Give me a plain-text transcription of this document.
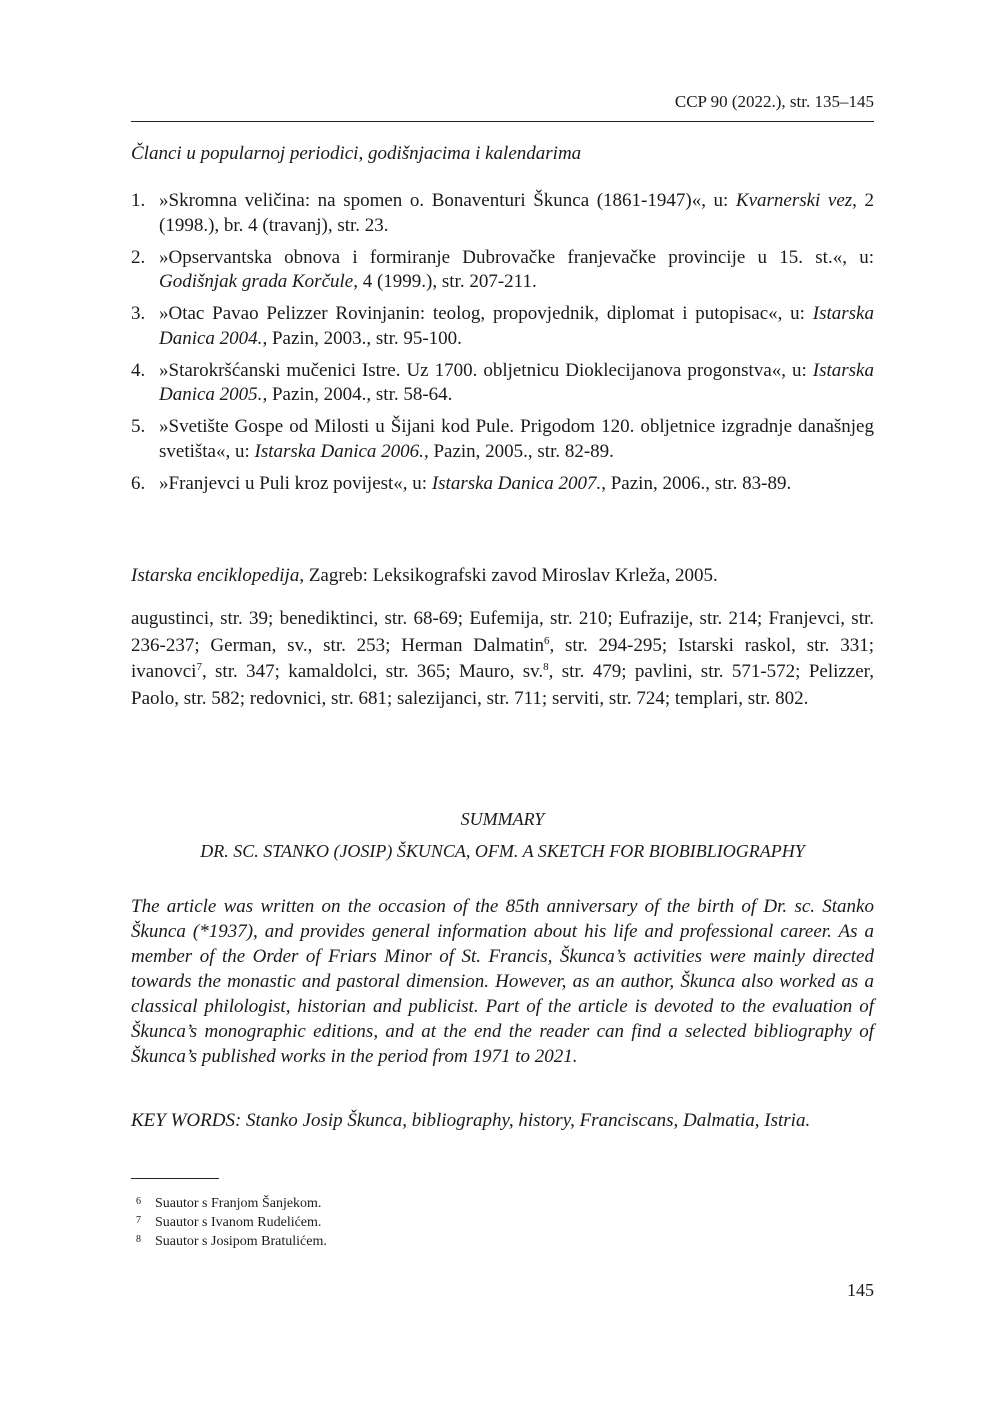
CCP 90 (2022.), str. 135–145
Članci u popularnoj periodici, godišnjacima i kalendarima
1. »Skromna veličina: na spomen o. Bonaventuri Škunca (1861-1947)«, u: Kvarnerski vez, 2 (1998.), br. 4 (travanj), str. 23.
2. »Opservantska obnova i formiranje Dubrovačke franjevačke provincije u 15. st.«, u: Godišnjak grada Korčule, 4 (1999.), str. 207-211.
3. »Otac Pavao Pelizzer Rovinjanin: teolog, propovjednik, diplomat i putopisac«, u: Istarska Danica 2004., Pazin, 2003., str. 95-100.
4. »Starokršćanski mučenici Istre. Uz 1700. obljetnicu Dioklecijanova progonstva«, u: Istarska Danica 2005., Pazin, 2004., str. 58-64.
5. »Svetište Gospe od Milosti u Šijani kod Pule. Prigodom 120. obljetnice izgradnje današnjeg svetišta«, u: Istarska Danica 2006., Pazin, 2005., str. 82-89.
6. »Franjevci u Puli kroz povijest«, u: Istarska Danica 2007., Pazin, 2006., str. 83-89.
Istarska enciklopedija, Zagreb: Leksikografski zavod Miroslav Krleža, 2005.

augustinci, str. 39; benediktinci, str. 68-69; Eufemija, str. 210; Eufrazije, str. 214; Franjevci, str. 236-237; German, sv., str. 253; Herman Dalmatin$^6$, str. 294-295; Istarski raskol, str. 331; ivanovci$^7$, str. 347; kamaldolci, str. 365; Mauro, sv.$^8$, str. 479; pavlini, str. 571-572; Pelizzer, Paolo, str. 582; redovnici, str. 681; salezijanci, str. 711; serviti, str. 724; templari, str. 802.

SUMMARY
DR. SC. STANKO (JOSIP) ŠKUNCA, OFM. A SKETCH FOR BIOBIBLIOGRAPHY

The article was written on the occasion of the 85th anniversary of the birth of Dr. sc. Stanko Škunca (*1937), and provides general information about his life and professional career. As a member of the Order of Friars Minor of St. Francis, Škunca’s activities were mainly directed towards the monastic and pastoral dimension. However, as an author, Škunca also worked as a classical philologist, historian and publicist. Part of the article is devoted to the evaluation of Škunca’s monographic editions, and at the end the reader can find a selected bibliography of Škunca’s published works in the period from 1971 to 2021.

KEY WORDS: Stanko Josip Škunca, bibliography, history, Franciscans, Dalmatia, Istria.

6 Suautor s Franjom Šanjekom.
7 Suautor s Ivanom Rudelićem.
8 Suautor s Josipom Bratulićem.
145
